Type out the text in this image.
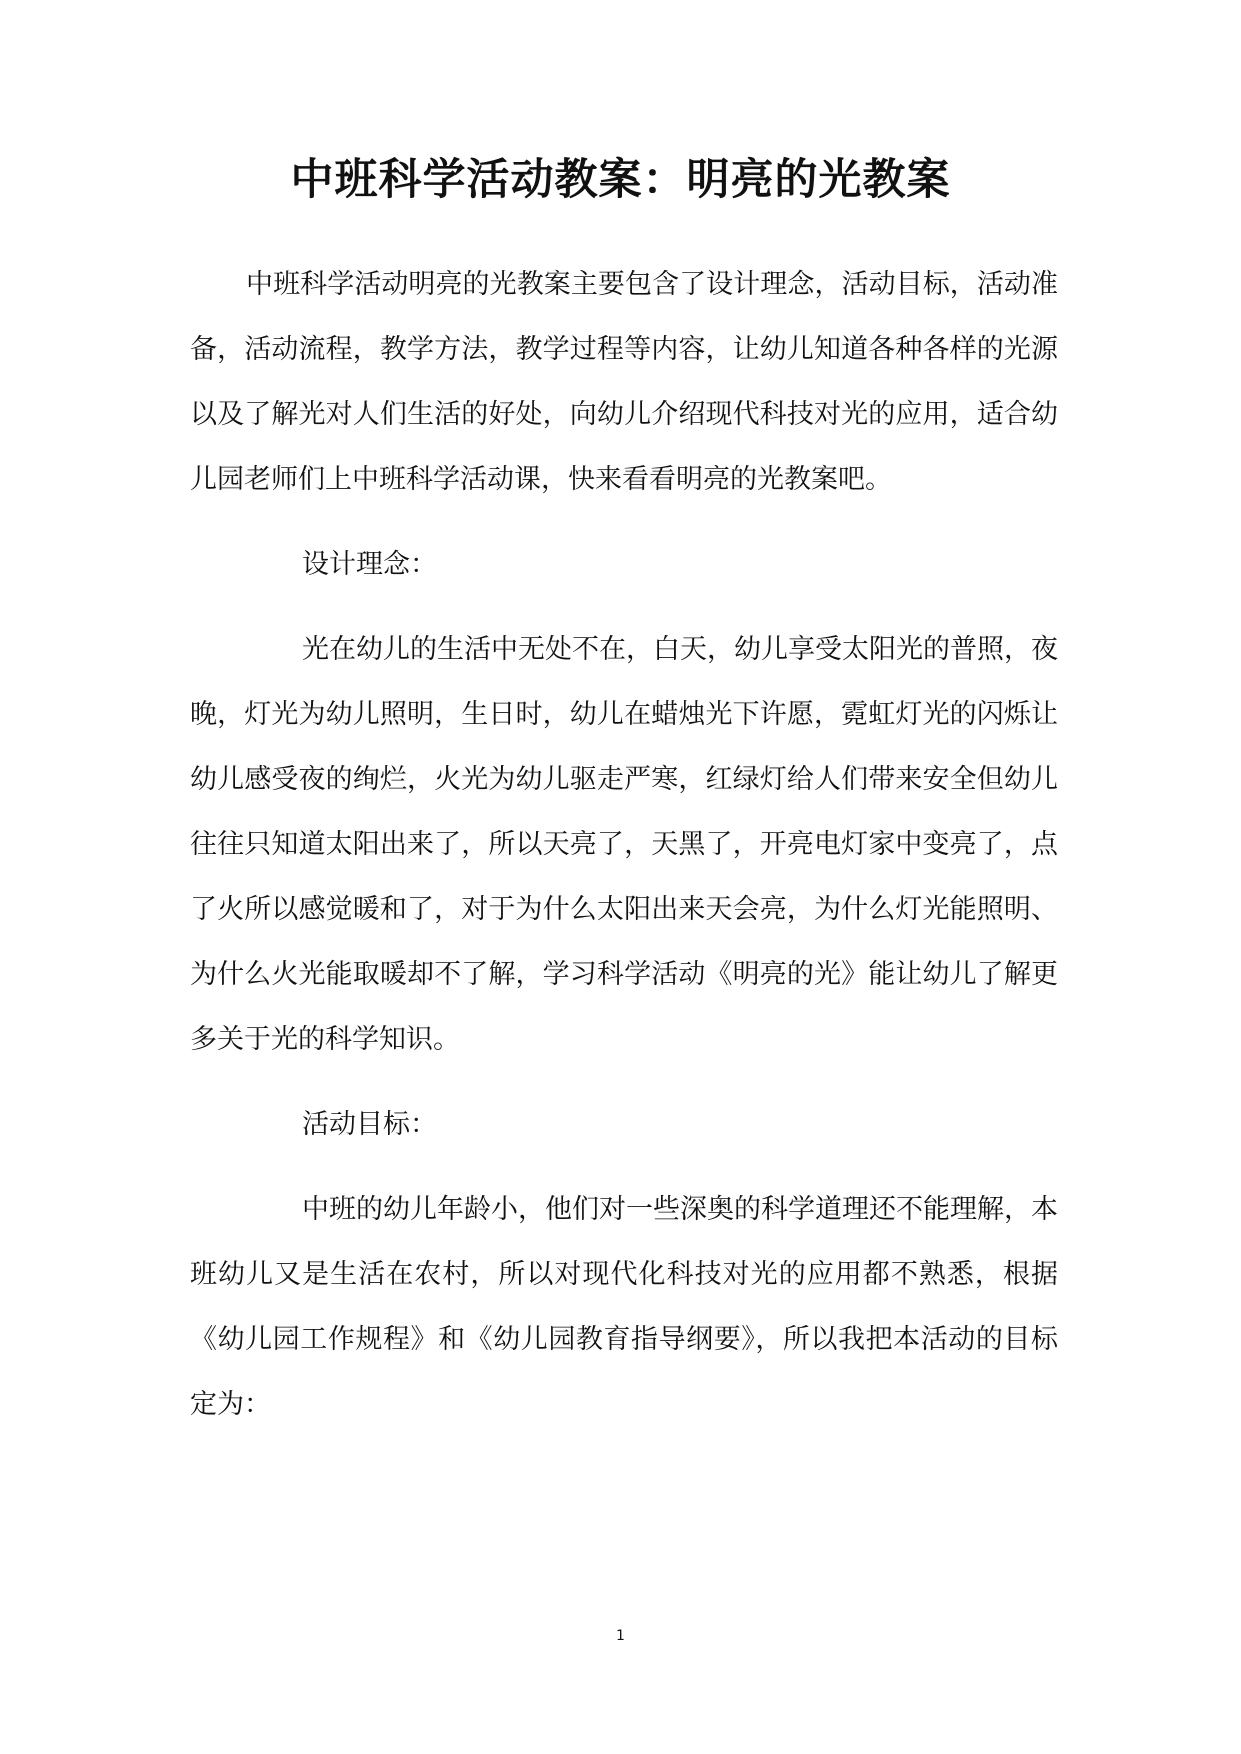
中班科学活动教案：明亮的光教案

中班科学活动明亮的光教案主要包含了设计理念，活动目标，活动准备，活动流程，教学方法，教学过程等内容，让幼儿知道各种各样的光源以及了解光对人们生活的好处，向幼儿介绍现代科技对光的应用，适合幼儿园老师们上中班科学活动课，快来看看明亮的光教案吧。

设计理念：

光在幼儿的生活中无处不在，白天，幼儿享受太阳光的普照，夜晚，灯光为幼儿照明，生日时，幼儿在蜡烛光下许愿，霓虹灯光的闪烁让幼儿感受夜的绚烂，火光为幼儿驱走严寒，红绿灯给人们带来安全但幼儿往往只知道太阳出来了，所以天亮了，天黑了，开亮电灯家中变亮了，点了火所以感觉暖和了，对于为什么太阳出来天会亮，为什么灯光能照明、为什么火光能取暖却不了解，学习科学活动《明亮的光》能让幼儿了解更多关于光的科学知识。

活动目标：

中班的幼儿年龄小，他们对一些深奥的科学道理还不能理解，本班幼儿又是生活在农村，所以对现代化科技对光的应用都不熟悉，根据《幼儿园工作规程》和《幼儿园教育指导纲要》，所以我把本活动的目标定为：

1
